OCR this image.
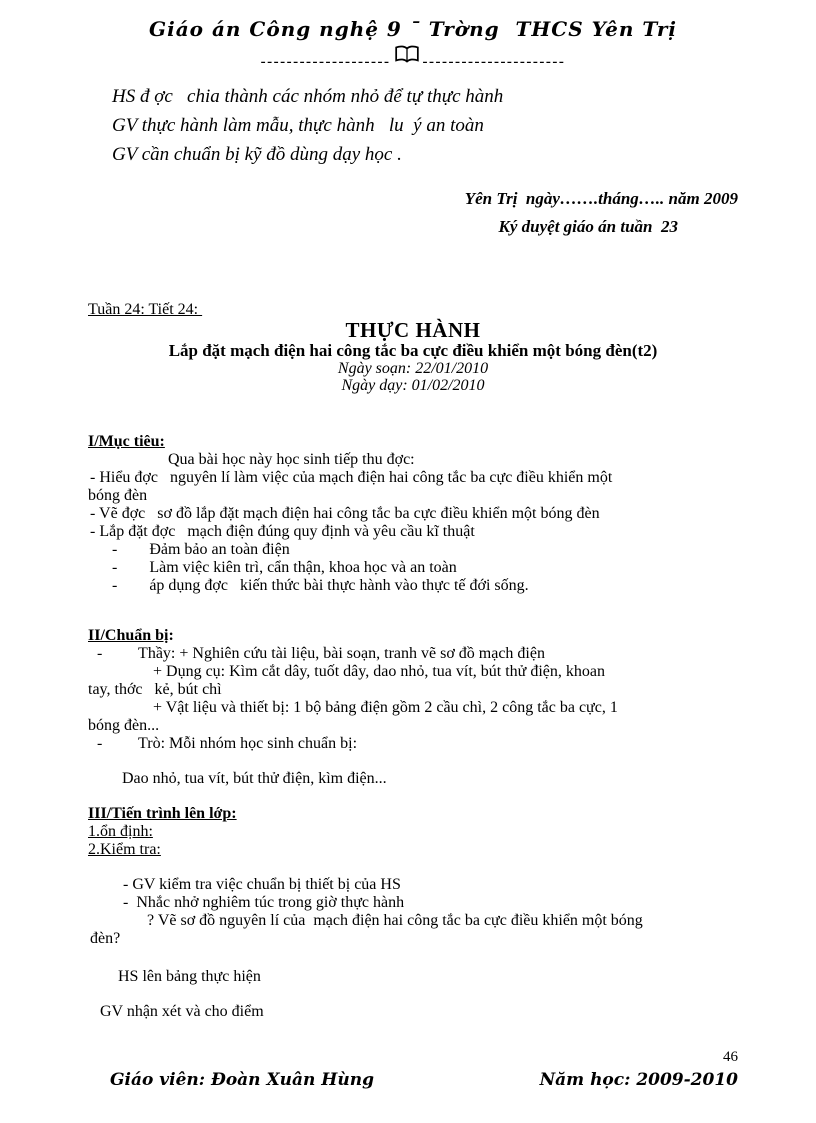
Giáo án Công nghệ 9 ¯ Trờng  THCS Yên Trị
-------------------- ----------------------
HS đ ợc   chia thành các nhóm nhỏ để tự thực hành
GV thực hành làm mẫu, thực hành   lu  ý an toàn
GV cần chuẩn bị kỹ đồ dùng dạy học .
Yên Trị  ngày…….tháng….. năm 2009
Ký duyệt giáo án tuần  23
Tuần 24: Tiết 24:
THỰC HÀNH
Lắp đặt mạch điện hai công tắc ba cực điều khiển một bóng đèn(t2)
Ngày soạn: 22/01/2010
Ngày dạy: 01/02/2010
I/Mục tiêu:
Qua bài học này học sinh tiếp thu đợc:
- Hiểu đợc   nguyên lí làm việc của mạch điện hai công tắc ba cực điều khiển một
bóng đèn
- Vẽ đợc   sơ đồ lắp đặt mạch điện hai công tắc ba cực điều khiển một bóng đèn
- Lắp đặt đợc   mạch điện đúng quy định và yêu cầu kĩ thuật
-        Đảm bảo an toàn điện
-        Làm việc kiên trì, cẩn thận, khoa học và an toàn
-        áp dụng đợc   kiến thức bài thực hành vào thực tế đới sống.
II/Chuẩn bị:
-         Thầy: + Nghiên cứu tài liệu, bài soạn, tranh vẽ sơ đồ mạch điện
+ Dụng cụ: Kìm cắt dây, tuốt dây, dao nhỏ, tua vít, bút thử điện, khoan
tay, thớc   kẻ, bút chì
+ Vật liệu và thiết bị: 1 bộ bảng điện gồm 2 cầu chì, 2 công tắc ba cực, 1
bóng đèn...
-         Trò: Mỗi nhóm học sinh chuẩn bị:
Dao nhỏ, tua vít, bút thử điện, kìm điện...
III/Tiến trình lên lớp:
1.ổn định:
2.Kiểm tra:
- GV kiểm tra việc chuẩn bị thiết bị của HS
-  Nhắc nhở nghiêm túc trong giờ thực hành
? Vẽ sơ đồ nguyên lí của  mạch điện hai công tắc ba cực điều khiển một bóng
đèn?
HS lên bảng thực hiện
GV nhận xét và cho điểm
46
Giáo viên: Đoàn Xuân Hùng	Năm học: 2009-2010
